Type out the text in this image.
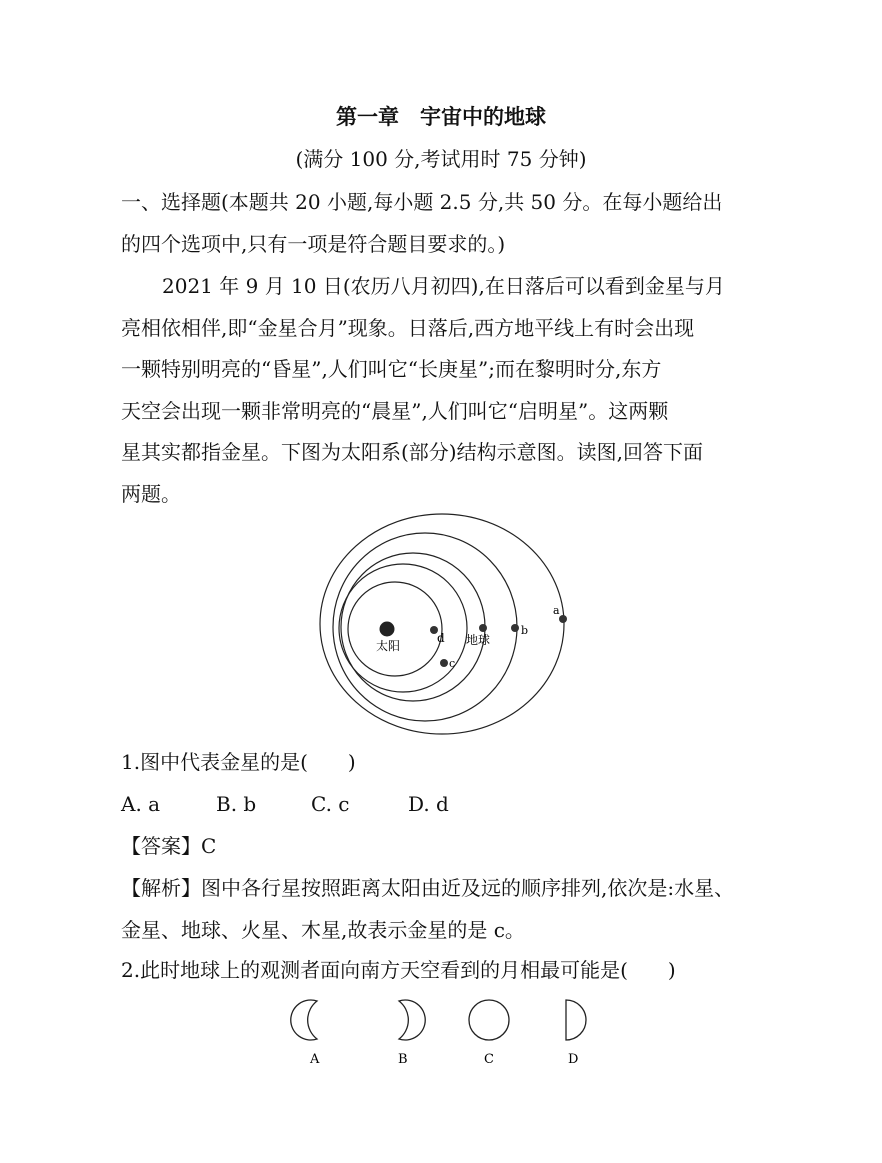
第一章　宇宙中的地球
(满分 100 分,考试用时 75 分钟)
一、选择题(本题共 20 小题,每小题 2.5 分,共 50 分。在每小题给出
的四个选项中,只有一项是符合题目要求的。)
2021 年 9 月 10 日(农历八月初四),在日落后可以看到金星与月
亮相依相伴,即“金星合月”现象。日落后,西方地平线上有时会出现
一颗特别明亮的“昏星”,人们叫它“长庚星”;而在黎明时分,东方
天空会出现一颗非常明亮的“晨星”,人们叫它“启明星”。这两颗
星其实都指金星。下图为太阳系(部分)结构示意图。读图,回答下面
两题。
太阳
d 地球
b
a
c
1.图中代表金星的是(　　)
A. a	B. b	C. c	D. d
【答案】C
【解析】图中各行星按照距离太阳由近及远的顺序排列,依次是:水星、
金星、地球、火星、木星,故表示金星的是 c。
2.此时地球上的观测者面向南方天空看到的月相最可能是(　　)
A	B	C	D
